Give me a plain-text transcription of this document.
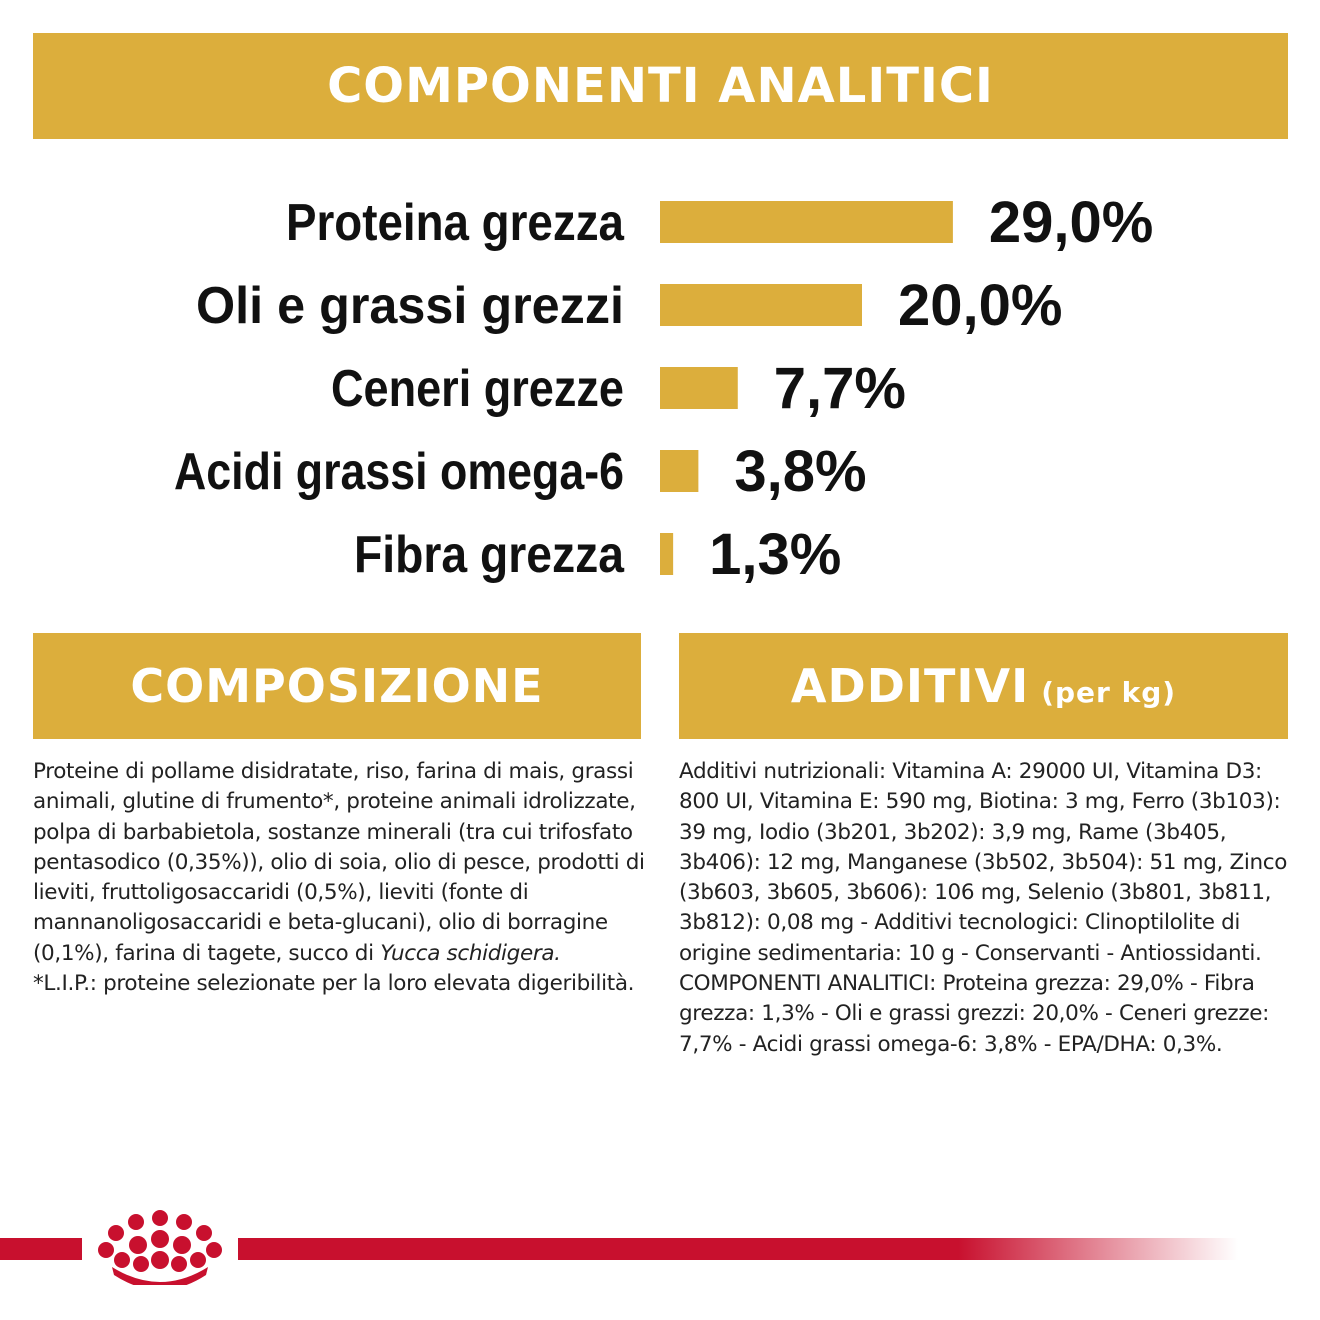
COMPONENTI ANALITICI
Proteina grezza	29,0%
Oli e grassi grezzi	20,0%
Ceneri grezze	7,7%
Acidi grassi omega-6 3,8%
Fibra grezza 1,3%
COMPOSIZIONE	ADDITIVI (per kg)
Proteine di pollame disidratate, riso, farina di mais, grassi animali, glutine di frumento*, proteine animali idrolizzate, polpa di barbabietola, sostanze minerali (tra cui trifosfato pentasodico (0,35%)), olio di soia, olio di pesce, prodotti di lieviti, fruttoligosaccaridi (0,5%), lieviti (fonte di mannanoligosaccaridi e beta-glucani), olio di borragine (0,1%), farina di tagete, succo di Yucca schidigera.
*L.I.P.: proteine selezionate per la loro elevata digeribilità.
Additivi nutrizionali: Vitamina A: 29000 UI, Vitamina D3: 800 UI, Vitamina E: 590 mg, Biotina: 3 mg, Ferro (3b103): 39 mg, Iodio (3b201, 3b202): 3,9 mg, Rame (3b405, 3b406): 12 mg, Manganese (3b502, 3b504): 51 mg, Zinco (3b603, 3b605, 3b606): 106 mg, Selenio (3b801, 3b811, 3b812): 0,08 mg - Additivi tecnologici: Clinoptilolite di origine sedimentaria: 10 g - Conservanti - Antiossidanti.
COMPONENTI ANALITICI: Proteina grezza: 29,0% - Fibra grezza: 1,3% - Oli e grassi grezzi: 20,0% - Ceneri grezze: 7,7% - Acidi grassi omega-6: 3,8% - EPA/DHA: 0,3%.
